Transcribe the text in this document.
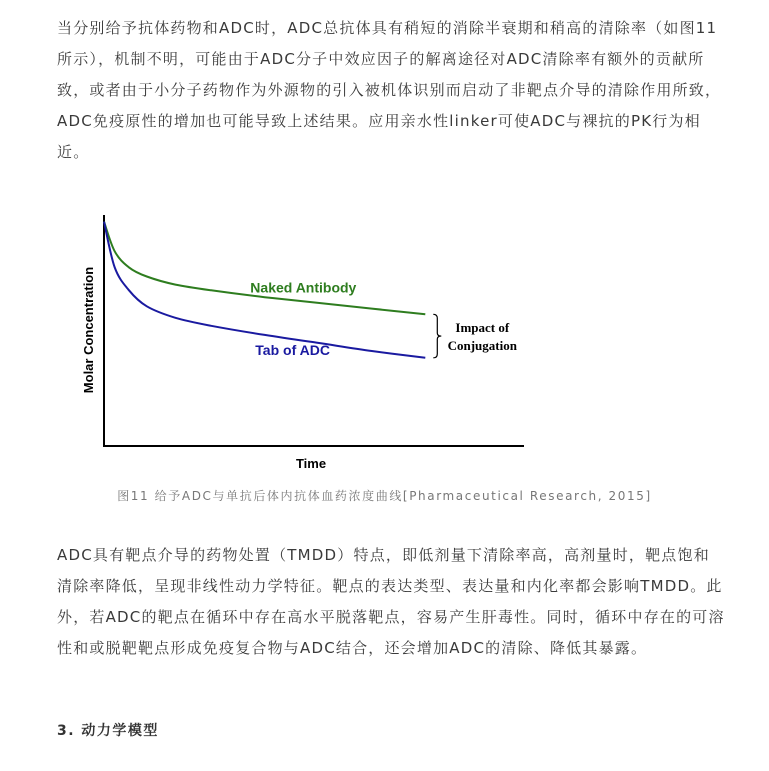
当分别给予抗体药物和ADC时，ADC总抗体具有稍短的消除半衰期和稍高的清除率（如图11
所示），机制不明，可能由于ADC分子中效应因子的解离途径对ADC清除率有额外的贡献所
致，或者由于小分子药物作为外源物的引入被机体识别而启动了非靶点介导的清除作用所致，
ADC免疫原性的增加也可能导致上述结果。应用亲水性linker可使ADC与裸抗的PK行为相
近。

Time
Molar Concentration	Naked Antibody
Tab of ADC
Impact of
Conjugation

图11 给予ADC与单抗后体内抗体血药浓度曲线[Pharmaceutical Research, 2015]

ADC具有靶点介导的药物处置（TMDD）特点，即低剂量下清除率高，高剂量时，靶点饱和
清除率降低，呈现非线性动力学特征。靶点的表达类型、表达量和内化率都会影响TMDD。此
外，若ADC的靶点在循环中存在高水平脱落靶点，容易产生肝毒性。同时，循环中存在的可溶
性和或脱靶靶点形成免疫复合物与ADC结合，还会增加ADC的清除、降低其暴露。

3. 动力学模型
